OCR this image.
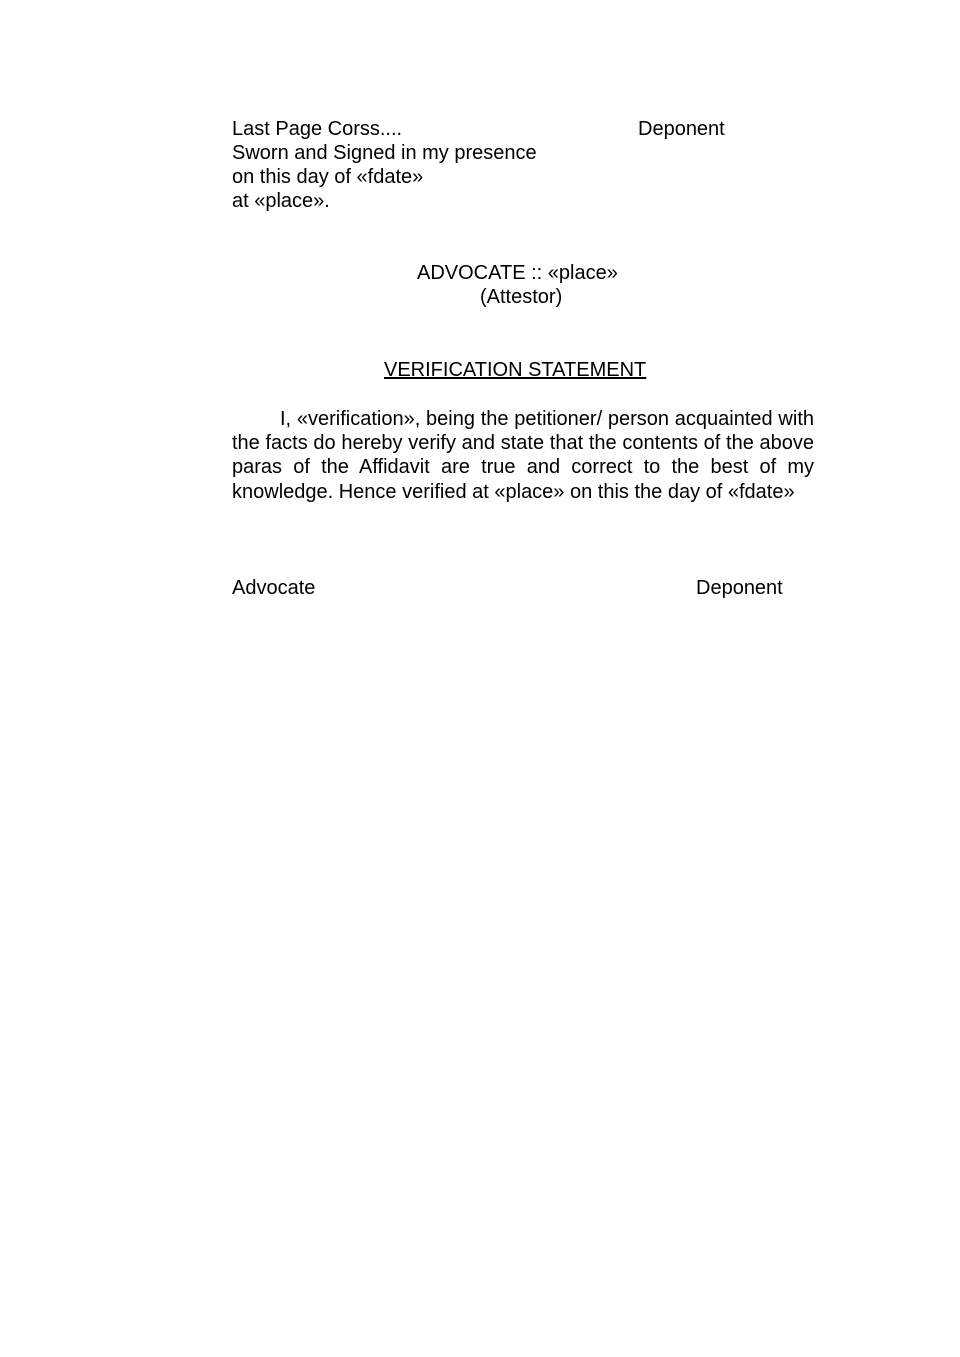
Last Page Corss....	Deponent

Sworn and Signed in my presence

on this day of «fdate»

at «place».

ADVOCATE :: «place»

(Attestor)

VERIFICATION STATEMENT

I, «verification», being the petitioner/ person acquainted with the facts do hereby verify and state that the contents of the above paras of the Affidavit are true and correct to the best of my knowledge. Hence verified at «place» on this the day of «fdate»

Advocate	Deponent
